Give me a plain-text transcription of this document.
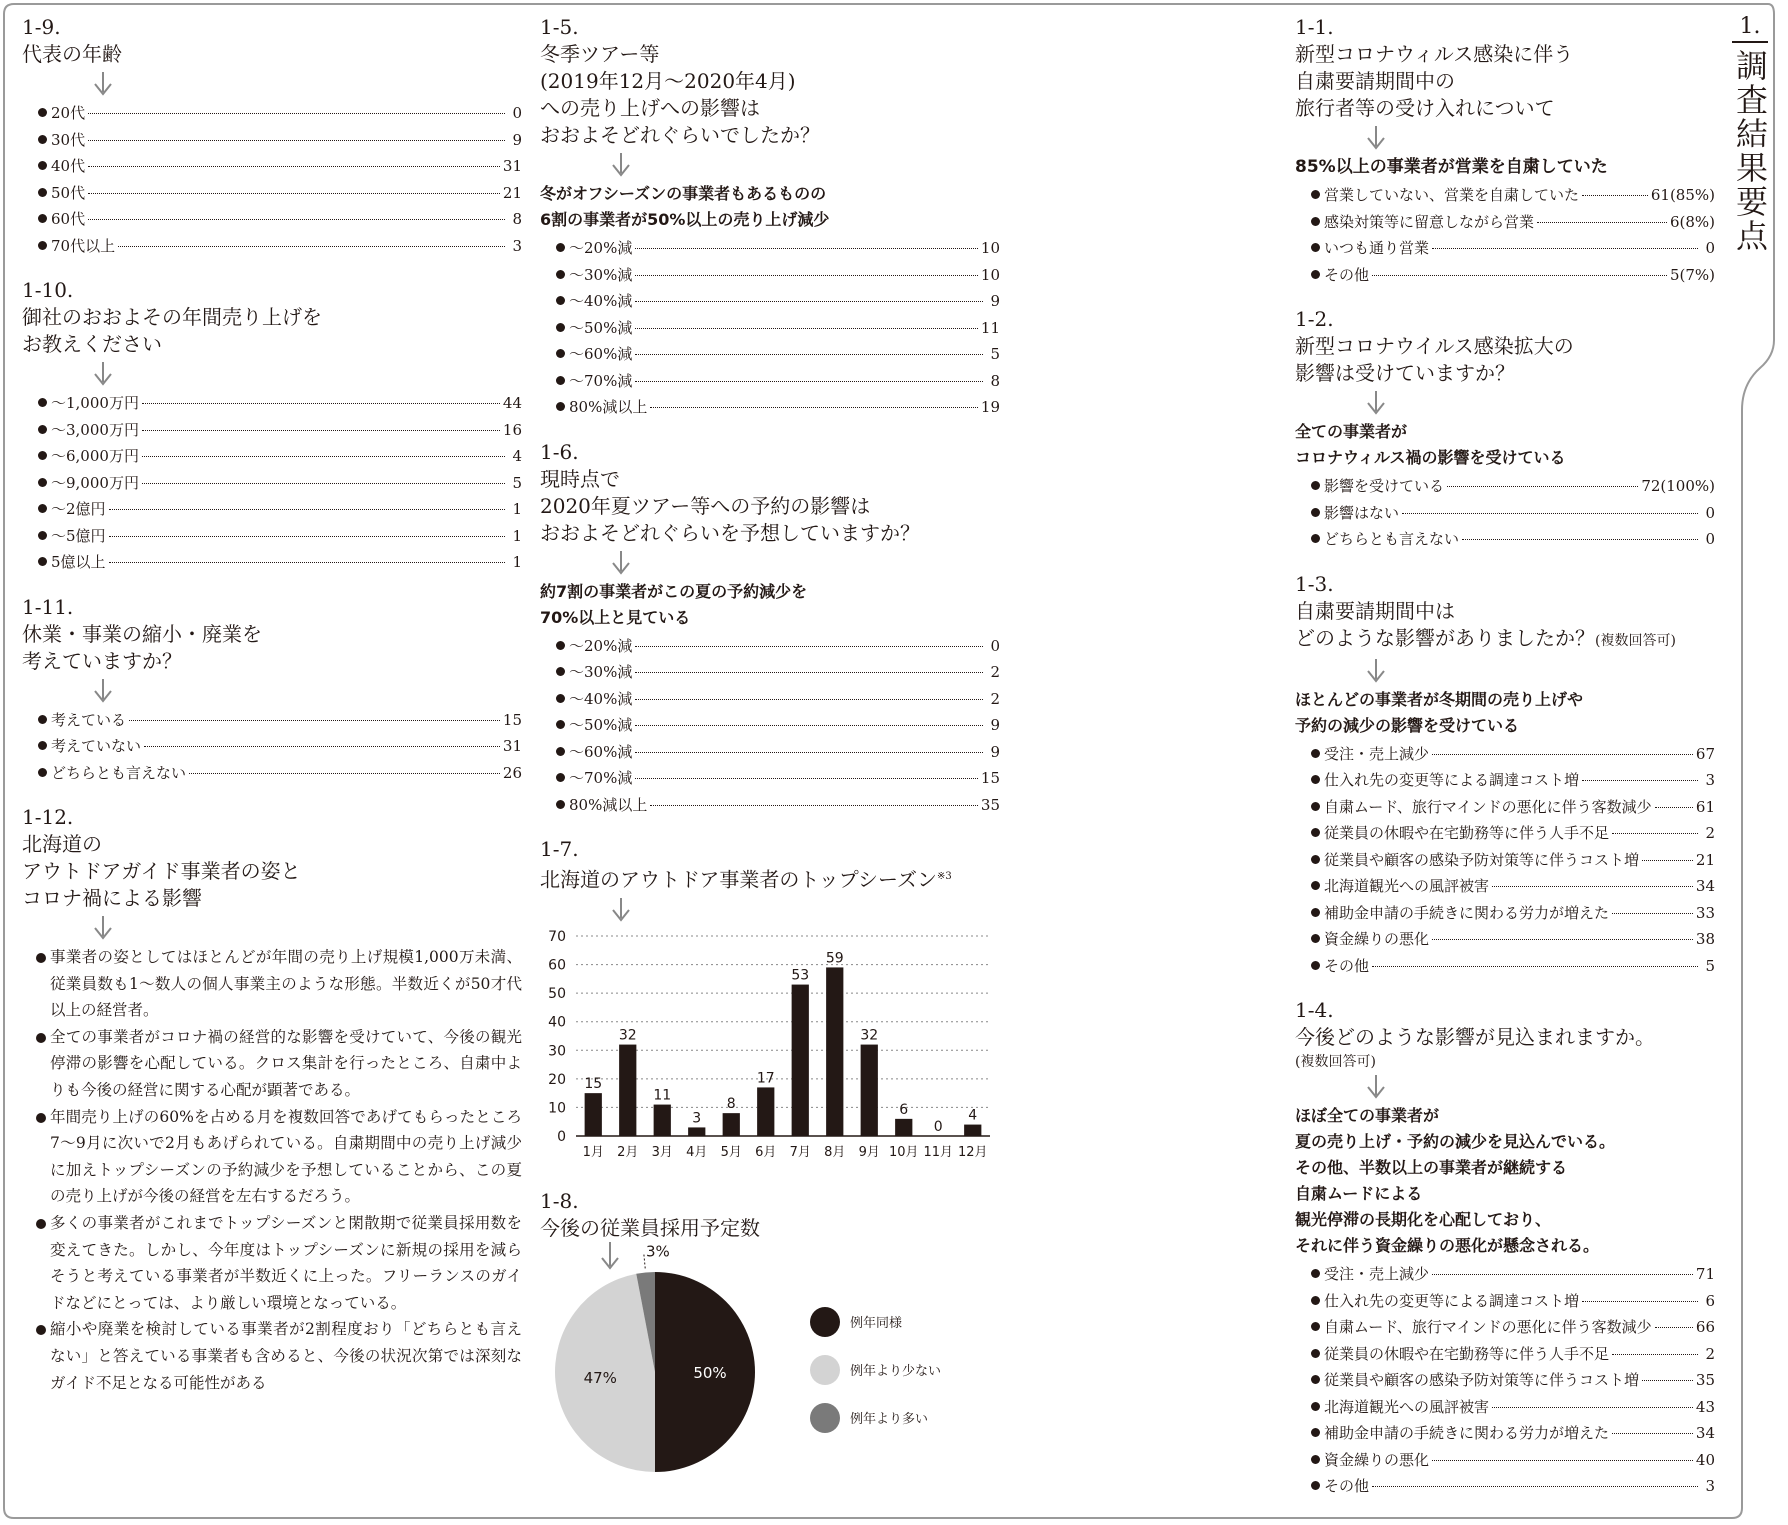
1.
調査結果要点
1-9.
代表の年齢
20代	0
30代	9
40代	31
50代	21
60代	8
70代以上	3
1-10.
御社のおおよその年間売り上げを
お教えください
〜1,000万円	44
〜3,000万円	16
〜6,000万円	4
〜9,000万円	5
〜2億円	1
〜5億円	1
5億以上	1
1-11.
休業・事業の縮小・廃業を
考えていますか？
考えている	15
考えていない	31
どちらとも言えない	26
1-12.
北海道の
アウトドアガイド事業者の姿と
コロナ禍による影響
事業者の姿としてはほとんどが年間の売り上げ規模1,000万未満、従業員数も1〜数人の個人事業主のような形態。半数近くが50才代以上の経営者。
全ての事業者がコロナ禍の経営的な影響を受けていて、今後の観光停滞の影響を心配している。クロス集計を行ったところ、自粛中よりも今後の経営に関する心配が顕著である。
年間売り上げの60%を占める月を複数回答であげてもらったところ7〜9月に次いで2月もあげられている。自粛期間中の売り上げ減少に加えトップシーズンの予約減少を予想していることから、この夏の売り上げが今後の経営を左右するだろう。
多くの事業者がこれまでトップシーズンと閑散期で従業員採用数を変えてきた。しかし、今年度はトップシーズンに新規の採用を減らそうと考えている事業者が半数近くに上った。フリーランスのガイドなどにとっては、より厳しい環境となっている。
縮小や廃業を検討している事業者が2割程度おり「どちらとも言えない」と答えている事業者も含めると、今後の状況次第では深刻なガイド不足となる可能性がある
1-5.
冬季ツアー等
(2019年12月〜2020年4月)
への売り上げへの影響は
おおよそどれぐらいでしたか？
冬がオフシーズンの事業者もあるものの
6割の事業者が50%以上の売り上げ減少
〜20%減	10
〜30%減	10
〜40%減	9
〜50%減	11
〜60%減	5
〜70%減	8
80%減以上	19
1-6.
現時点で
2020年夏ツアー等への予約の影響は
おおよそどれぐらいを予想していますか？
約7割の事業者がこの夏の予約減少を
70%以上と見ている
〜20%減	0
〜30%減	2
〜40%減	2
〜50%減	9
〜60%減	9
〜70%減	15
80%減以上	35
1-7.
北海道のアウトドア事業者のトップシーズン$^{※3}$
0
10
20
30
40
50
60
70
15
1月
32
2月
11
3月
3
4月
8
5月
17
6月
53
7月
59
8月
32
9月
6
10月
0
11月
4
12月
1-8.
今後の従業員採用予定数
50%
47%
3%
例年同様
例年より少ない
例年より多い
1-1.
新型コロナウィルス感染に伴う
自粛要請期間中の
旅行者等の受け入れについて
85%以上の事業者が営業を自粛していた
営業していない、営業を自粛していた	61(85%)
感染対策等に留意しながら営業	6(8%)
いつも通り営業	0
その他	5(7%)
1-2.
新型コロナウイルス感染拡大の
影響は受けていますか？
全ての事業者が
コロナウィルス禍の影響を受けている
影響を受けている	72(100%)
影響はない	0
どちらとも言えない	0
1-3.
自粛要請期間中は
どのような影響がありましたか？(複数回答可)
ほとんどの事業者が冬期間の売り上げや
予約の減少の影響を受けている
受注・売上減少	67
仕入れ先の変更等による調達コスト増	3
自粛ムード、旅行マインドの悪化に伴う客数減少	61
従業員の休暇や在宅勤務等に伴う人手不足	2
従業員や顧客の感染予防対策等に伴うコスト増	21
北海道観光への風評被害	34
補助金申請の手続きに関わる労力が増えた	33
資金繰りの悪化	38
その他	5
1-4.
今後どのような影響が見込まれますか。
(複数回答可)
ほぼ全ての事業者が
夏の売り上げ・予約の減少を見込んでいる。
その他、半数以上の事業者が継続する
自粛ムードによる
観光停滞の長期化を心配しており、
それに伴う資金繰りの悪化が懸念される。
受注・売上減少	71
仕入れ先の変更等による調達コスト増	6
自粛ムード、旅行マインドの悪化に伴う客数減少	66
従業員の休暇や在宅勤務等に伴う人手不足	2
従業員や顧客の感染予防対策等に伴うコスト増	35
北海道観光への風評被害	43
補助金申請の手続きに関わる労力が増えた	34
資金繰りの悪化	40
その他	3
